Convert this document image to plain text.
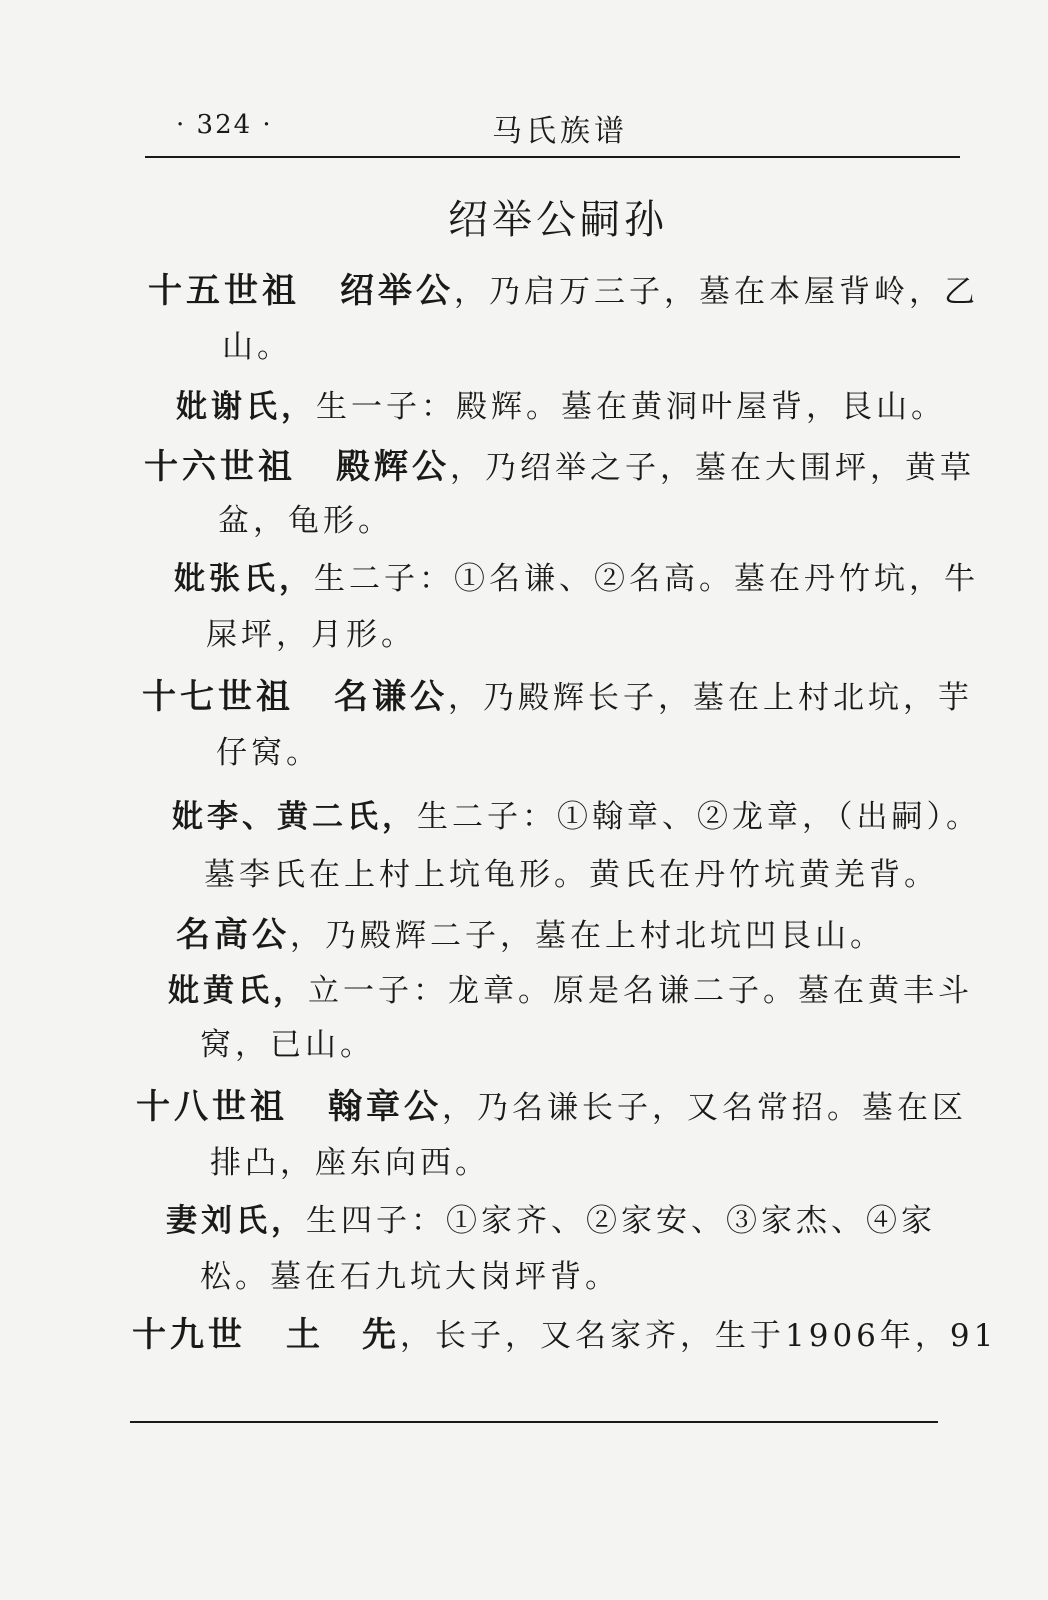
· 324 ·	马氏族谱
绍举公嗣孙
十五世祖 绍举公，乃启万三子，墓在本屋背岭，乙
山。
妣谢氏，生一子：殿辉。墓在黄洞叶屋背，艮山。
十六世祖 殿辉公，乃绍举之子，墓在大围坪，黄草
盆，龟形。
妣张氏，生二子：①名谦、②名高。墓在丹竹坑，牛
屎坪，月形。
十七世祖 名谦公，乃殿辉长子，墓在上村北坑，芋
仔窝。
妣李、黄二氏，生二子：①翰章、②龙章，（出嗣）。
墓李氏在上村上坑龟形。黄氏在丹竹坑黄羌背。
名高公，乃殿辉二子，墓在上村北坑凹艮山。
妣黄氏，立一子：龙章。原是名谦二子。墓在黄丰斗
窝，已山。
十八世祖 翰章公，乃名谦长子，又名常招。墓在区
排凸，座东向西。
妻刘氏，生四子：①家齐、②家安、③家杰、④家
松。墓在石九坑大岗坪背。
十九世 土　先，长子，又名家齐，生于1906年，91
